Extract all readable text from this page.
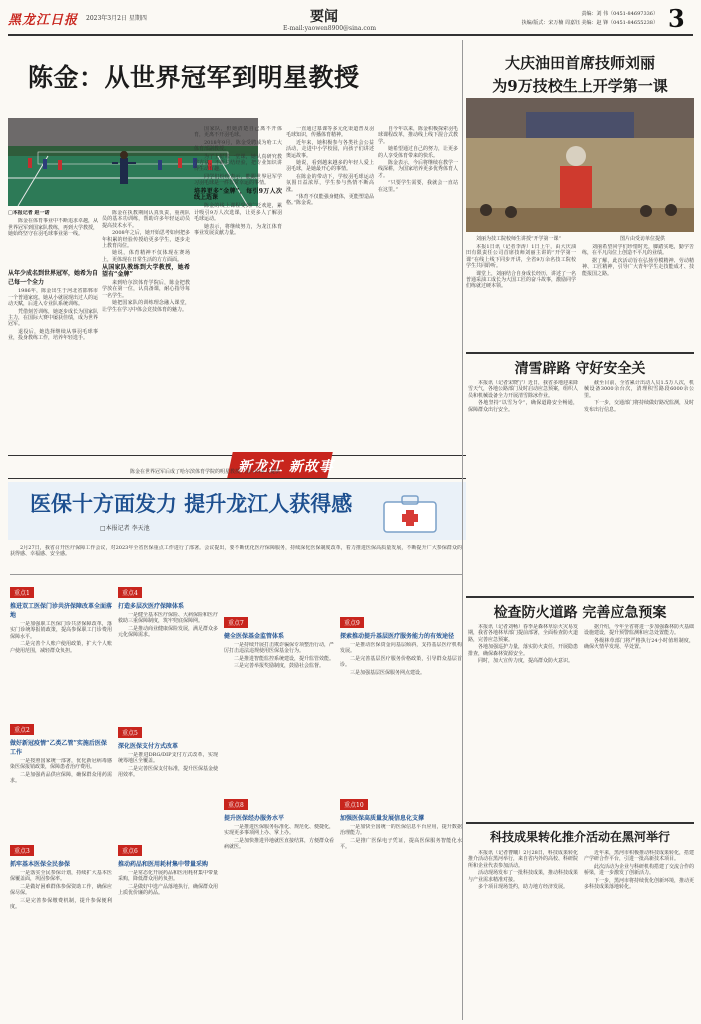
黑龙江日报 2023年3月2日 星期四	要闻
E-mail:yaowen8900@sina.com
责编：刘 伟（0451-84697336）
执编/版式：宋万楠 周嘉钰 美编：赵 锋（0451-84655238） 3
陈金：从世界冠军到明星教授
□本报记者 赵一诺

陈金在体育事业中不断追求卓越，从世界冠军到国家队教练，再到大学教授，她始终坚守在羽毛球事业第一线。

从年少成名到世界冠军，她希为自己每一个全力

1986年，陈金出生于河北省邯郸市一个普通家庭。她从小就展现出过人的运动天赋，后进入专业队系统训练。

凭借刻苦训练，她逐步成长为国家队主力，在国际大赛中屡获佳绩，成为世界冠军。

退役后，她选择继续从事羽毛球事业，投身教练工作，培养年轻选手。

陈金在执教期间认真负责，重视队员的基本功训练，帮助许多年轻运动员提高技术水平。

2008年之后，她开始思考如何把多年积累的经验传授给更多学生，逐步走上教育岗位。

她说，体育精神不仅体现在赛场上，更体现在日常生活的方方面面。

从国家队教练到大学教授，她希望有“金牌”

来到哈尔滨体育学院后，陈金把教学放在第一位，认真备课，耐心指导每一名学生。

她把国家队的训练理念融入课堂，让学生在学习中体会竞技体育的魅力。

国家队，但她清楚自己离不开体育，更离不开羽毛球。

2018年9月，陈金受聘成为哈工大体育部副教授。

为了上好每一堂课，她认真研究教学方法，不断总结经验，把专业知识讲得生动有趣。

同学们纷纷表示，能跟世界冠军学习羽毛球是一件非常幸运的事情。

培养更多“金牌”，每引9万人次线上选课

陈金的线上课程受到广泛欢迎，累计吸引9万人次选课，让更多人了解羽毛球运动。

她表示，将继续努力，为龙江体育事业发展贡献力量。

一直通过慕课等多元化渠道普及羽毛球知识，传播体育精神。

近年来，她积极参与各类社会公益活动，走进中小学校园，向孩子们讲述奥运故事。

她说，看到越来越多的年轻人爱上羽毛球，是她最开心的事情。

在陈金的带动下，学校羽毛球运动氛围日益浓厚，学生参与热情不断高涨。

“体育不仅能强身健体，更能塑造品格。”陈金说。

自今年以来，陈金积极探索羽毛球课程改革，推动线上线下混合式教学。

她希望通过自己的努力，让更多的人享受体育带来的快乐。

陈金表示，今后将继续在教学一线深耕，为国家培养更多优秀体育人才。

“只要学生需要，我就会一直站在这里。”

大庆油田首席技师刘丽
为9万技校生上开学第一课
刘丽为技工院校师生讲授“开学第一课”	图片由受访单位提供

本报1日讯（记者李涛）1日上午，由大庆油田有限责任公司首席技师刘丽主讲的“开学第一课”在线上线下同步开讲，全省9万余名技工院校学生共同聆听。

课堂上，刘丽结合自身成长经历，讲述了一名普通采油工成长为大国工匠的奋斗故事，激励同学们练就过硬本领。

刘丽希望同学们珍惜时光，脚踏实地，勤学苦练，在平凡岗位上创造不平凡的业绩。

据了解，此次活动旨在弘扬劳模精神、劳动精神、工匠精神，引导广大青年学生走技能成才、技能报国之路。

新龙江 新故事
陈金在世界冠军后成了哈尔滨体育学院的明星教授。图片由本人提供
医保十方面发力 提升龙江人获得感
□本报记者 李天池

2月27日，我省召开医疗保障工作会议，对2023年全省医保重点工作进行了部署。会议提出，要不断优化医疗保障服务，持续深化医保制度改革，着力推进医保高质量发展，不断提升广大参保群众的获得感、幸福感、安全感。

重点1
推进双工医保门诊共济保障改革全面落地

一是加强职工医保门诊共济保障改革，落实门诊统筹报销政策，提高参保职工门诊费用保障水平。

二是完善个人账户使用政策，扩大个人账户使用范围，减轻群众负担。

重点2
做好新冠疫情“乙类乙管”实施后医保工作

一是按照国家统一部署，优化新冠病毒感染医保报销政策，保障患者治疗费用。

二是加强药品供应保障，确保群众用药需求。

重点3
抓牢基本医保全民参保

一是落实全民参保计划，持续扩大基本医保覆盖面，巩固参保率。

二是做好困难群体参保资助工作，确保应保尽保。

三是完善参保缴费机制，提升参保便利度。

重点4
打造多层次医疗保障体系

一是健全基本医疗保险、大病保险和医疗救助三重保障制度，筑牢兜底保障网。

二是推动商业健康保险发展，满足群众多元化保障需求。

重点5
深化医保支付方式改革

一是推进DRG/DIP支付方式改革，实现统筹地区全覆盖。

二是完善医保支付标准，提升医保基金使用效率。

重点6
推动药品和医用耗材集中带量采购

一是常态化开展药品和医用耗材集中带量采购，降低群众用药负担。

二是做好中选产品落地执行，确保群众用上质优价廉的药品。

重点7
健全医保基金监管体系

一是持续开展打击欺诈骗保专项整治行动，严厉打击违法违规使用医保基金行为。

二是推进智能监控系统建设，提升监管效能。

三是完善举报奖励制度，鼓励社会监督。

重点8
提升医保经办服务水平

一是推进医保服务标准化、规范化、便捷化，实现更多事项网上办、掌上办。

二是加快推进异地就医直接结算，方便群众看病就医。

重点9
探索推动提升基层医疗服务能力的有效途径

一是推动医保资金向基层倾斜，支持基层医疗机构发展。

二是完善基层医疗服务价格政策，引导群众基层首诊。

三是加强基层医保服务网点建设。

重点10
加强医保高质量发展信息化支撑

一是加快全国统一的医保信息平台应用，提升数据治理能力。

二是推广医保电子凭证，提高医保服务智能化水平。

清雪辟路 守好安全关

本报讯（记者宋晓宁）近日，我省多地迎来降雪天气，各地公路部门及时启动应急预案，组织人员和机械设备全力开展清雪除冰作业。

各地坚持“以雪为令”，确保道路安全畅通，保障群众出行安全。

截至目前，全省累计出动人员1.5万人次，机械设备3000余台次，清理积雪路段6000余公里。

下一步，交通部门将持续做好路况监测，及时发布出行信息。

检查防火道路 完善应急预案

本报讯（记者刘畅）春季是森林草原火灾易发期，我省各地林草部门提前部署，全面检查防火道路，完善应急预案。

各地加强巡护力量，落实防火责任，开展隐患排查，确保森林资源安全。

同时，加大宣传力度，提高群众防火意识。

据介绍，今年全省将进一步加强森林防火基础设施建设，提升预警监测和应急处置能力。

各级林草部门将严格执行24小时值班制度，确保火情早发现、早处置。

科技成果转化推介活动在黑河举行

本报讯（记者曹曦）2月28日，科技成果转化推介活动在黑河举行，来自省内外的高校、科研院所和企业代表参加活动。

活动现场发布了一批科技成果，推动科技成果与产业需求精准对接。

多个项目现场签约，助力地方经济发展。

近年来，黑河市积极推动科技成果转化，搭建产学研合作平台，引进一批高新技术项目。

此次活动为企业与科研机构搭建了交流合作的桥梁，进一步激发了创新活力。

下一步，黑河市将持续优化创新环境，推动更多科技成果落地转化。
